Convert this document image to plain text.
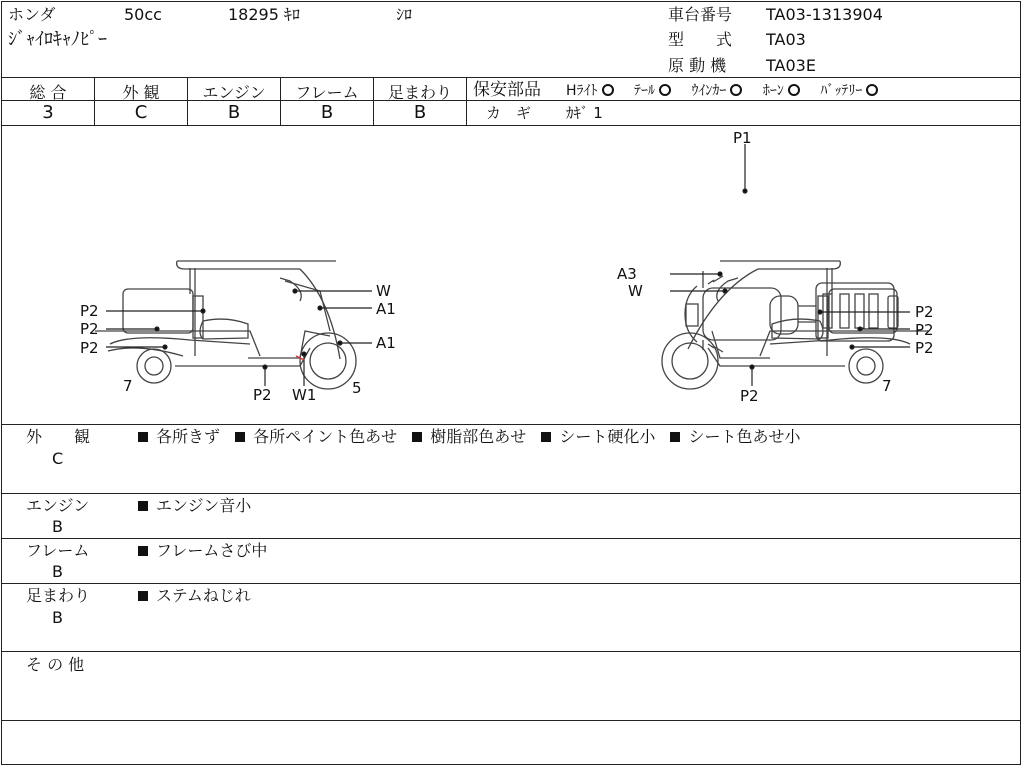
ホンダ	50cc	18295 ｷﾛ	ｼﾛ
ｼﾞｬｲﾛｷｬﾉﾋﾟｰ
車台番号 TA03-1313904
型　　式 TA03
原 動 機 TA03E
総 合	外 観	エンジン	フレーム	足まわり
3	C	B	B	B
保安部品 Hﾗｲﾄ	ﾃｰﾙ	ｳｲﾝｶｰ	ﾎｰﾝ	ﾊﾞｯﾃﾘｰ
カ　ギ ｶｷﾞ 1
P1
W
A1
P2
P2
A1
P2
7	P2 W1 5
A3
W
P2
P2
P2
7
P2
外　　観
C
各所きず 各所ペイント色あせ 樹脂部色あせ シート硬化小 シート色あせ小
エンジン
B
エンジン音小
フレーム
B
フレームさび中
足まわり
B
ステムねじれ
そ の 他
